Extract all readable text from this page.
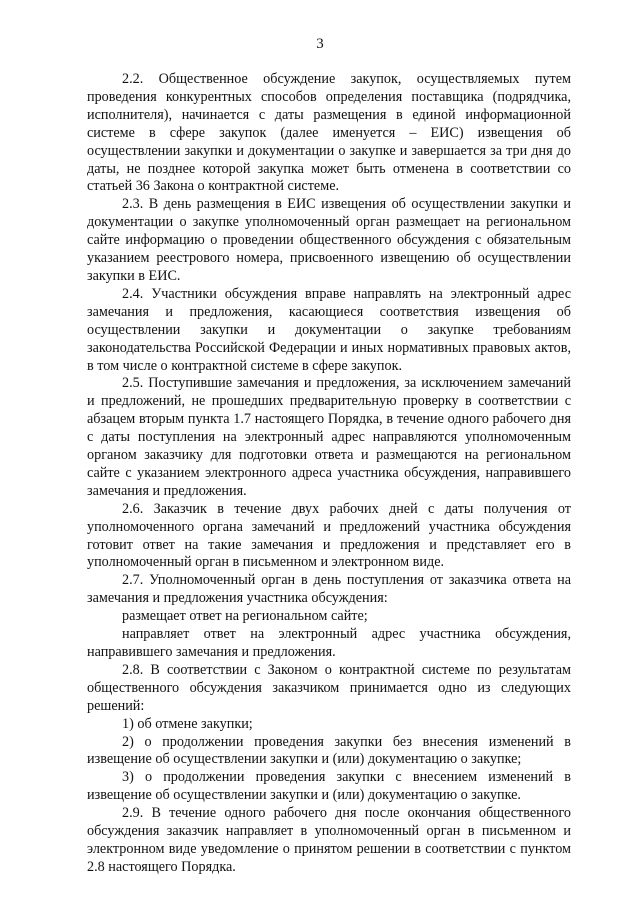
3

2.2. Общественное обсуждение закупок, осуществляемых путем проведения конкурентных способов определения поставщика (подрядчика, исполнителя), начинается с даты размещения в единой информационной системе в сфере закупок (далее именуется – ЕИС) извещения об осуществлении закупки и документации о закупке и завершается за три дня до даты, не позднее которой закупка может быть отменена в соответствии со статьей 36 Закона о контрактной системе.

2.3. В день размещения в ЕИС извещения об осуществлении закупки и документации о закупке уполномоченный орган размещает на региональном сайте информацию о проведении общественного обсуждения с обязательным указанием реестрового номера, присвоенного извещению об осуществлении закупки в ЕИС.

2.4. Участники обсуждения вправе направлять на электронный адрес замечания и предложения, касающиеся соответствия извещения об осуществлении закупки и документации о закупке требованиям законодательства Российской Федерации и иных нормативных правовых актов, в том числе о контрактной системе в сфере закупок.

2.5. Поступившие замечания и предложения, за исключением замечаний и предложений, не прошедших предварительную проверку в соответствии с абзацем вторым пункта 1.7 настоящего Порядка, в течение одного рабочего дня с даты поступления на электронный адрес направляются уполномоченным органом заказчику для подготовки ответа и размещаются на региональном сайте с указанием электронного адреса участника обсуждения, направившего замечания и предложения.

2.6. Заказчик в течение двух рабочих дней с даты получения от уполномоченного органа замечаний и предложений участника обсуждения готовит ответ на такие замечания и предложения и представляет его в уполномоченный орган в письменном и электронном виде.

2.7. Уполномоченный орган в день поступления от заказчика ответа на замечания и предложения участника обсуждения:

размещает ответ на региональном сайте;

направляет ответ на электронный адрес участника обсуждения, направившего замечания и предложения.

2.8. В соответствии с Законом о контрактной системе по результатам общественного обсуждения заказчиком принимается одно из следующих решений:

1) об отмене закупки;

2) о продолжении проведения закупки без внесения изменений в извещение об осуществлении закупки и (или) документацию о закупке;

3) о продолжении проведения закупки с внесением изменений в извещение об осуществлении закупки и (или) документацию о закупке.

2.9. В течение одного рабочего дня после окончания общественного обсуждения заказчик направляет в уполномоченный орган в письменном и электронном виде уведомление о принятом решении в соответствии с пунктом 2.8 настоящего Порядка.
